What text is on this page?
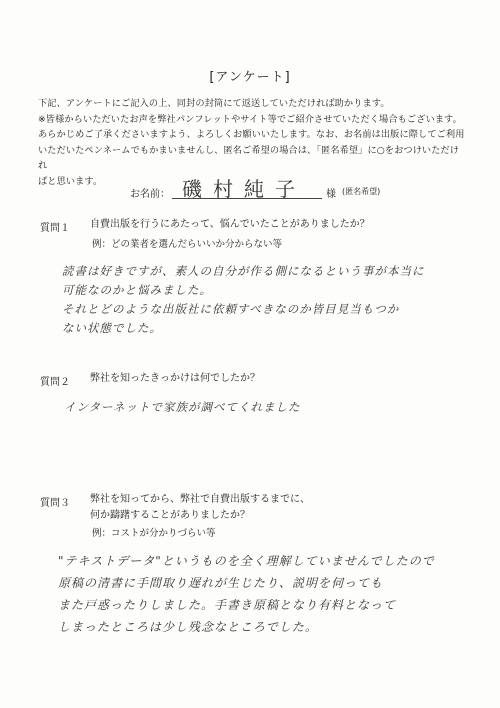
[アンケート]

下記、アンケートにご記入の上、同封の封筒にて返送していただければ助かります。

※皆様からいただいたお声を弊社パンフレットやサイト等でご紹介させていただく場合もございます。

あらかじめご了承くださいますよう、よろしくお願いいたします。なお、お名前は出版に際してご利用

いただいたペンネームでもかまいませんし、匿名ご希望の場合は、「匿名希望」に○をおつけいただけれ

ばと思います。

お名前： 磯村純子	様 (匿名希望)
質問１ 自費出版を行うにあたって、悩んでいたことがありましたか？
例：どの業者を選んだらいいか分からない等

読書は好きですが、素人の自分が作る側になるという事が本当に

可能なのかと悩みました。

それとどのような出版社に依頼すべきなのか皆目見当もつか

ない状態でした。

質問２ 弊社を知ったきっかけは何でしたか？

インターネットで家族が調べてくれました

質問３ 弊社を知ってから、弊社で自費出版するまでに、
何か躊躇することがありましたか？
例：コストが分かりづらい等

"テキストデータ"というものを全く理解していませんでしたので

原稿の清書に手間取り遅れが生じたり、説明を伺っても

また戸惑ったりしました。手書き原稿となり有料となって

しまったところは少し残念なところでした。
